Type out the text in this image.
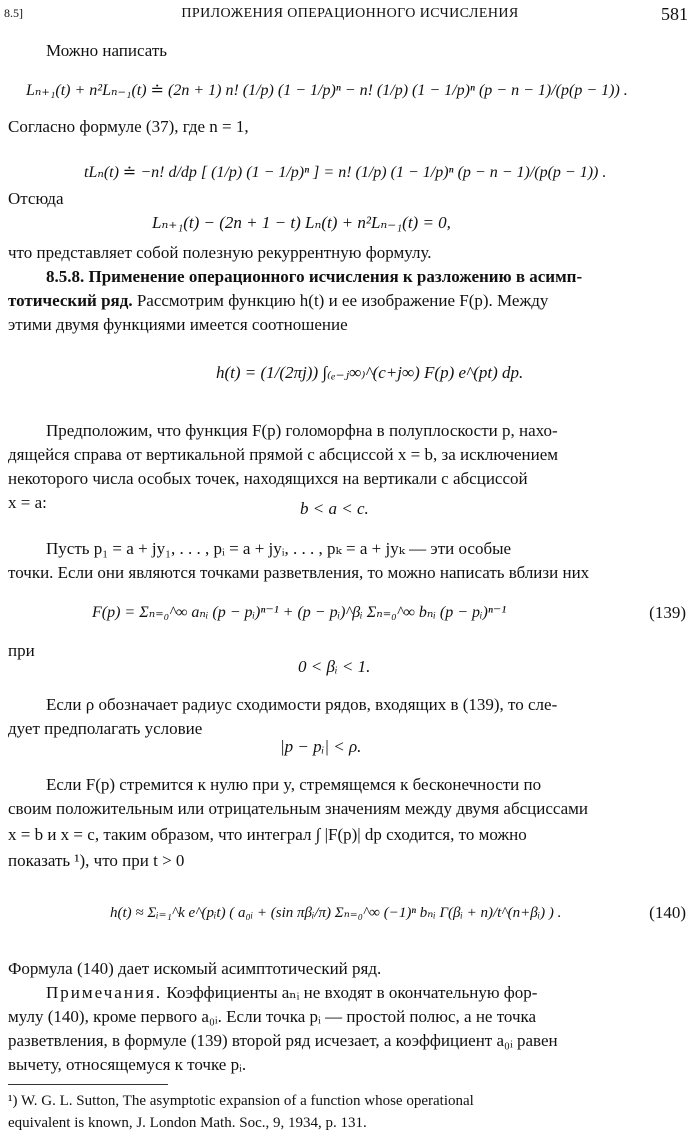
8.5]	ПРИЛОЖЕНИЯ ОПЕРАЦИОННОГО ИСЧИСЛЕНИЯ	581
Можно написать
Lₙ₊₁(t) + n²Lₙ₋₁(t) ≐ (2n + 1) n! (1/p) (1 − 1/p)ⁿ − n! (1/p) (1 − 1/p)ⁿ (p − n − 1)/(p(p − 1)) .
Согласно формуле (37), где n = 1,
tLₙ(t) ≐ −n! d/dp [ (1/p) (1 − 1/p)ⁿ ] = n! (1/p) (1 − 1/p)ⁿ (p − n − 1)/(p(p − 1)) .
Отсюда
Lₙ₊₁(t) − (2n + 1 − t) Lₙ(t) + n²Lₙ₋₁(t) = 0,
что представляет собой полезную рекуррентную формулу.
8.5.8. Применение операционного исчисления к разложению в асимп-
тотический ряд. Рассмотрим функцию h(t) и ее изображение F(p). Между
этими двумя функциями имеется соотношение
h(t) = (1/(2πj)) ∫₍ₑ₋ⱼ∞₎^(c+j∞) F(p) e^(pt) dp.
Предположим, что функция F(p) голоморфна в полуплоскости p, нахо-
дящейся справа от вертикальной прямой с абсциссой x = b, за исключением
некоторого числа особых точек, находящихся на вертикали с абсциссой
x = a:	b < a < c.
Пусть p₁ = a + jy₁, . . . , pᵢ = a + jyᵢ, . . . , pₖ = a + jyₖ — эти особые
точки. Если они являются точками разветвления, то можно написать вблизи них
F(p) = Σₙ₌₀^∞ aₙᵢ (p − pᵢ)ⁿ⁻¹ + (p − pᵢ)^βᵢ Σₙ₌₀^∞ bₙᵢ (p − pᵢ)ⁿ⁻¹	(139)
при
0 < βᵢ < 1.
Если ρ обозначает радиус сходимости рядов, входящих в (139), то сле-
дует предполагать условие
|p − pᵢ| < ρ.
Если F(p) стремится к нулю при y, стремящемся к бесконечности по
своим положительным или отрицательным значениям между двумя абсциссами
x = b и x = c, таким образом, что интеграл ∫ |F(p)| dp сходится, то можно
показать ¹), что при t > 0
h(t) ≈ Σᵢ₌₁^k e^(pᵢt) ( a₀ᵢ + (sin πβᵢ/π) Σₙ₌₀^∞ (−1)ⁿ bₙᵢ Γ(βᵢ + n)/t^(n+βᵢ) ) .	(140)
Формула (140) дает искомый асимптотический ряд.
Примечания. Коэффициенты aₙᵢ не входят в окончательную фор-
мулу (140), кроме первого a₀ᵢ. Если точка pᵢ — простой полюс, а не точка
разветвления, в формуле (139) второй ряд исчезает, а коэффициент a₀ᵢ равен
вычету, относящемуся к точке pᵢ.
¹) W. G. L. Sutton, The asymptotic expansion of a function whose operational
equivalent is known, J. London Math. Soc., 9, 1934, p. 131.
